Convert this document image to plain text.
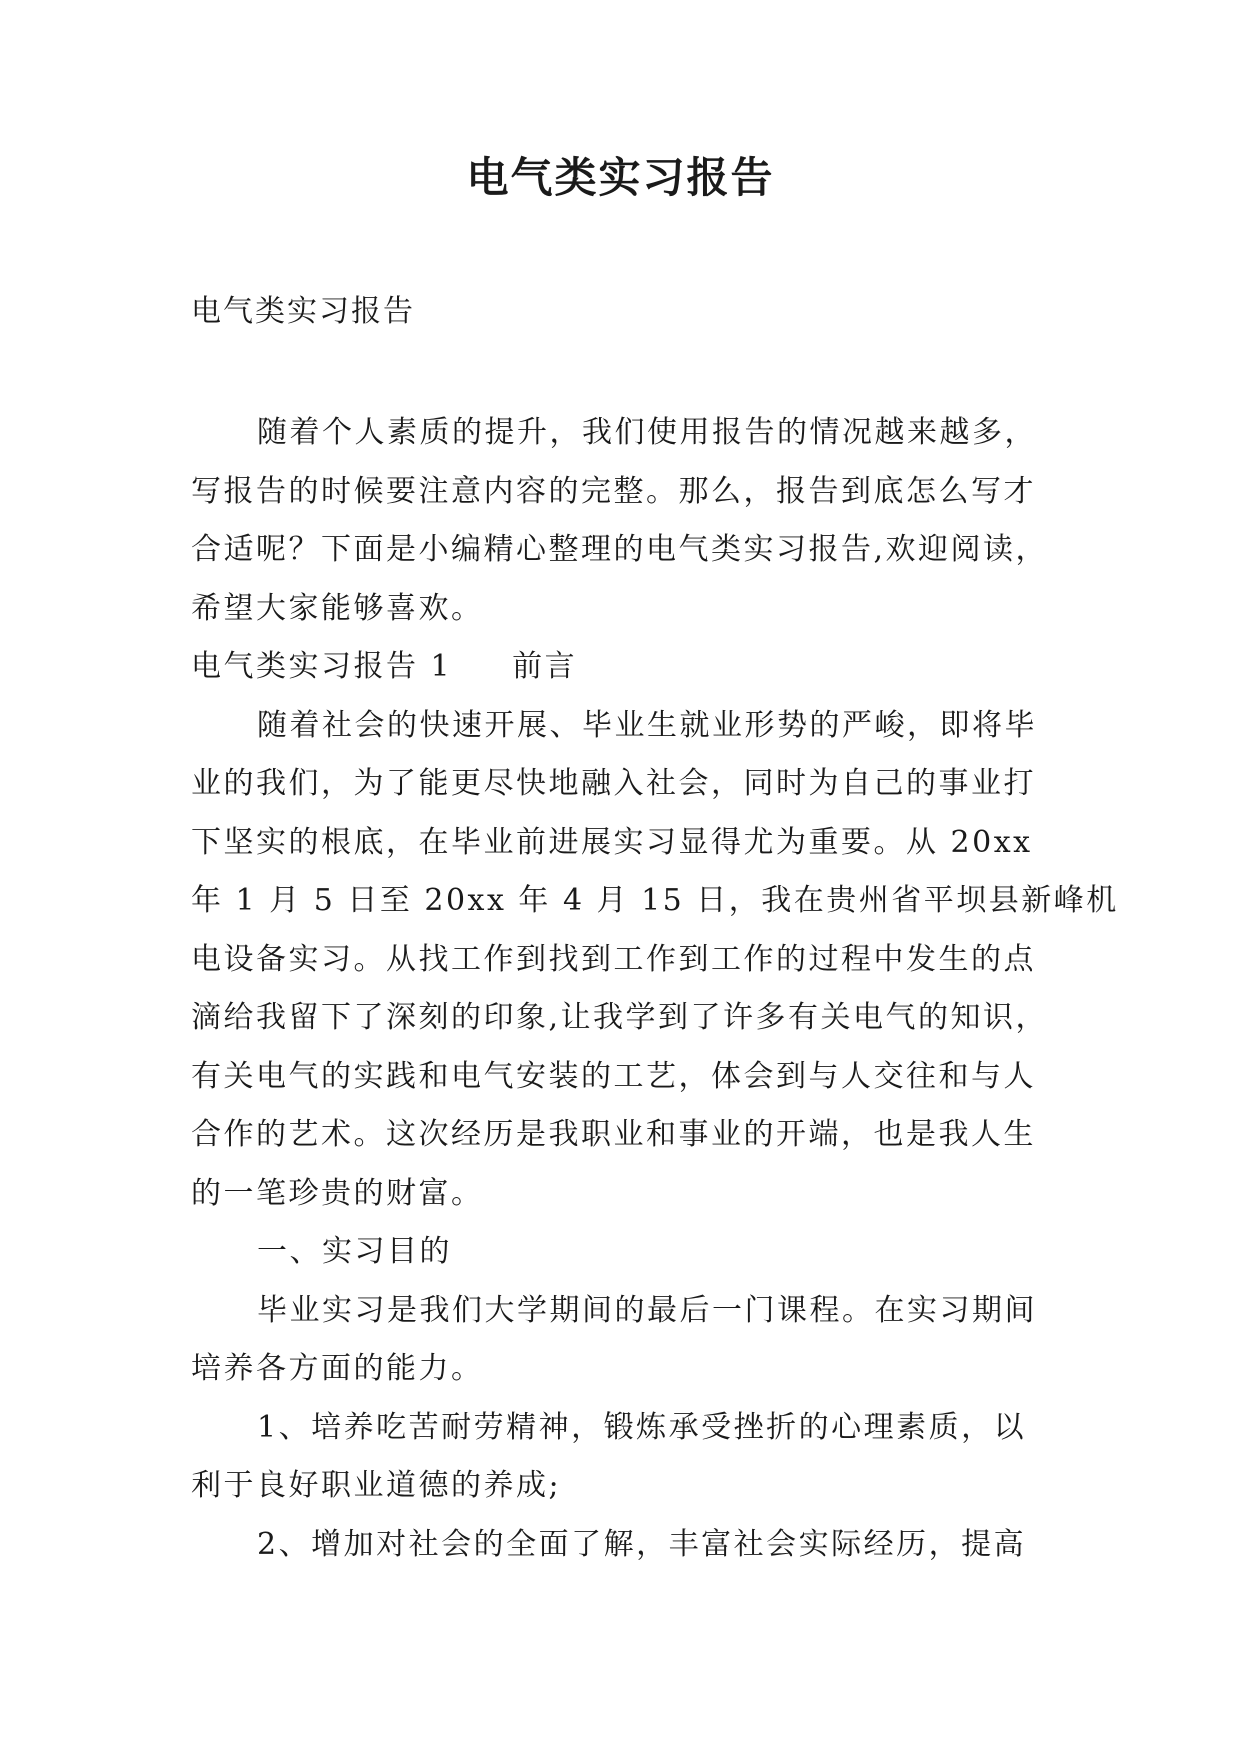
电气类实习报告

电气类实习报告

随着个人素质的提升，我们使用报告的情况越来越多，
写报告的时候要注意内容的完整。那么，报告到底怎么写才
合适呢？下面是小编精心整理的电气类实习报告,欢迎阅读，
希望大家能够喜欢。
电气类实习报告 1 前言
随着社会的快速开展、毕业生就业形势的严峻，即将毕
业的我们，为了能更尽快地融入社会，同时为自己的事业打
下坚实的根底，在毕业前进展实习显得尤为重要。从 20xx
年 1 月 5 日至 20xx 年 4 月 15 日，我在贵州省平坝县新峰机
电设备实习。从找工作到找到工作到工作的过程中发生的点
滴给我留下了深刻的印象,让我学到了许多有关电气的知识，
有关电气的实践和电气安装的工艺，体会到与人交往和与人
合作的艺术。这次经历是我职业和事业的开端，也是我人生
的一笔珍贵的财富。
一、实习目的
毕业实习是我们大学期间的最后一门课程。在实习期间
培养各方面的能力。
1、培养吃苦耐劳精神，锻炼承受挫折的心理素质，以
利于良好职业道德的养成;
2、增加对社会的全面了解，丰富社会实际经历，提高
